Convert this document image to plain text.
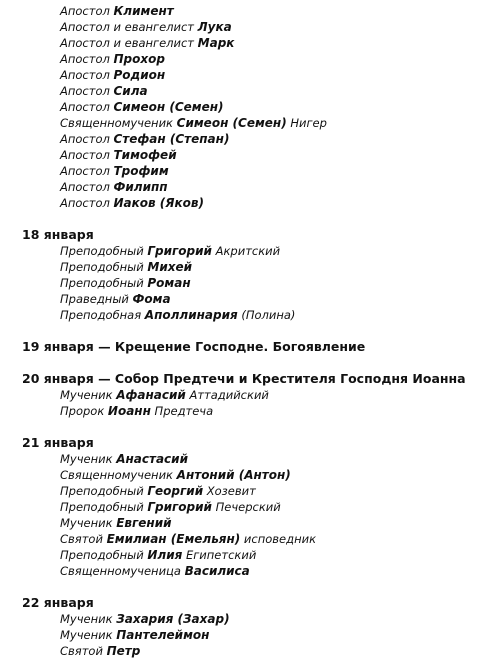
Апостол Климент
Апостол и евангелист Лука
Апостол и евангелист Марк
Апостол Прохор
Апостол Родион
Апостол Сила
Апостол Симеон (Семен)
Священномученик Симеон (Семен) Нигер
Апостол Стефан (Степан)
Апостол Тимофей
Апостол Трофим
Апостол Филипп
Апостол Иаков (Яков)
18 января
Преподобный Григорий Акритский
Преподобный Михей
Преподобный Роман
Праведный Фома
Преподобная Аполлинария (Полина)
19 января — Крещение Господне. Богоявление
20 января — Собор Предтечи и Крестителя Господня Иоанна
Мученик Афанасий Аттадийский
Пророк Иоанн Предтеча
21 января
Мученик Анастасий
Священномученик Антоний (Антон)
Преподобный Георгий Хозевит
Преподобный Григорий Печерский
Мученик Евгений
Святой Емилиан (Емельян) исповедник
Преподобный Илия Египетский
Священномученица Василиса
22 января
Мученик Захария (Захар)
Мученик Пантелеймон
Святой Петр
